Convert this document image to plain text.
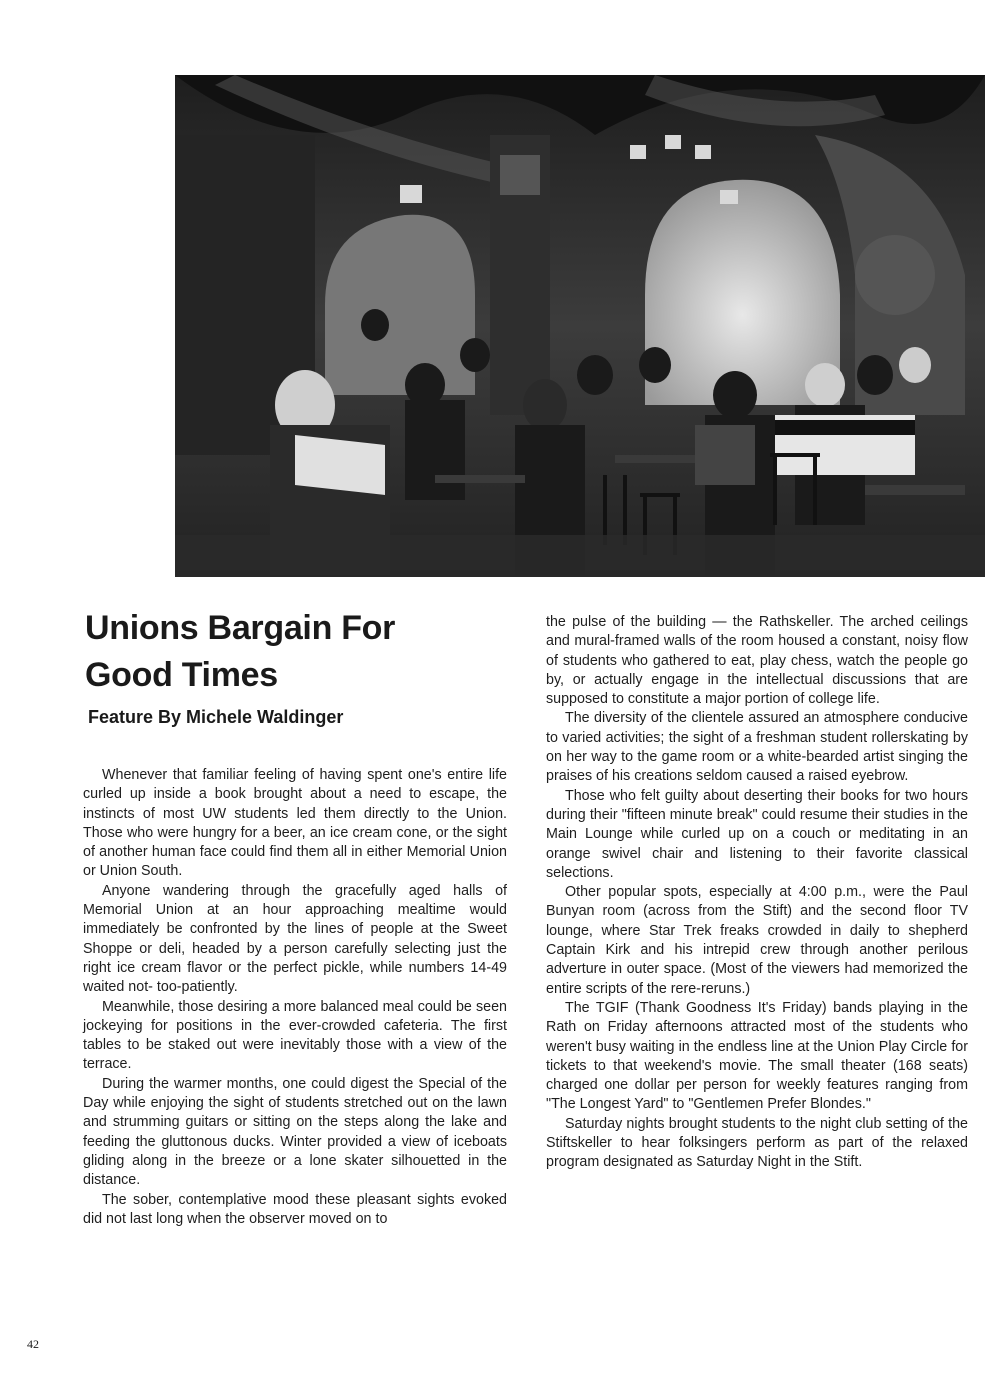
Unions Bargain For
Good Times
Feature By Michele Waldinger

Whenever that familiar feeling of having spent one's entire life curled up inside a book brought about a need to escape, the instincts of most UW students led them directly to the Union. Those who were hungry for a beer, an ice cream cone, or the sight of another human face could find them all in either Memorial Union or Union South.

Anyone wandering through the gracefully aged halls of Memorial Union at an hour approaching mealtime would immediately be confronted by the lines of people at the Sweet Shoppe or deli, headed by a person carefully selecting just the right ice cream flavor or the perfect pickle, while numbers 14-49 waited not- too-patiently.

Meanwhile, those desiring a more balanced meal could be seen jockeying for positions in the ever-crowded cafeteria. The first tables to be staked out were inevitably those with a view of the terrace.

During the warmer months, one could digest the Special of the Day while enjoying the sight of students stretched out on the lawn and strumming guitars or sitting on the steps along the lake and feeding the gluttonous ducks. Winter provided a view of iceboats gliding along in the breeze or a lone skater silhouetted in the distance.

The sober, contemplative mood these pleasant sights evoked did not last long when the observer moved on to

the pulse of the building — the Rathskeller. The arched ceilings and mural-framed walls of the room housed a constant, noisy flow of students who gathered to eat, play chess, watch the people go by, or actually engage in the intellectual discussions that are supposed to constitute a major portion of college life.

The diversity of the clientele assured an atmosphere conducive to varied activities; the sight of a freshman student rollerskating by on her way to the game room or a white-bearded artist singing the praises of his creations seldom caused a raised eyebrow.

Those who felt guilty about deserting their books for two hours during their "fifteen minute break" could resume their studies in the Main Lounge while curled up on a couch or meditating in an orange swivel chair and listening to their favorite classical selections.

Other popular spots, especially at 4:00 p.m., were the Paul Bunyan room (across from the Stift) and the second floor TV lounge, where Star Trek freaks crowded in daily to shepherd Captain Kirk and his intrepid crew through another perilous adverture in outer space. (Most of the viewers had memorized the entire scripts of the rere-reruns.)

The TGIF (Thank Goodness It's Friday) bands playing in the Rath on Friday afternoons attracted most of the students who weren't busy waiting in the endless line at the Union Play Circle for tickets to that weekend's movie. The small theater (168 seats) charged one dollar per person for weekly features ranging from "The Longest Yard" to "Gentlemen Prefer Blondes."

Saturday nights brought students to the night club setting of the Stiftskeller to hear folksingers perform as part of the relaxed program designated as Saturday Night in the Stift.

42
